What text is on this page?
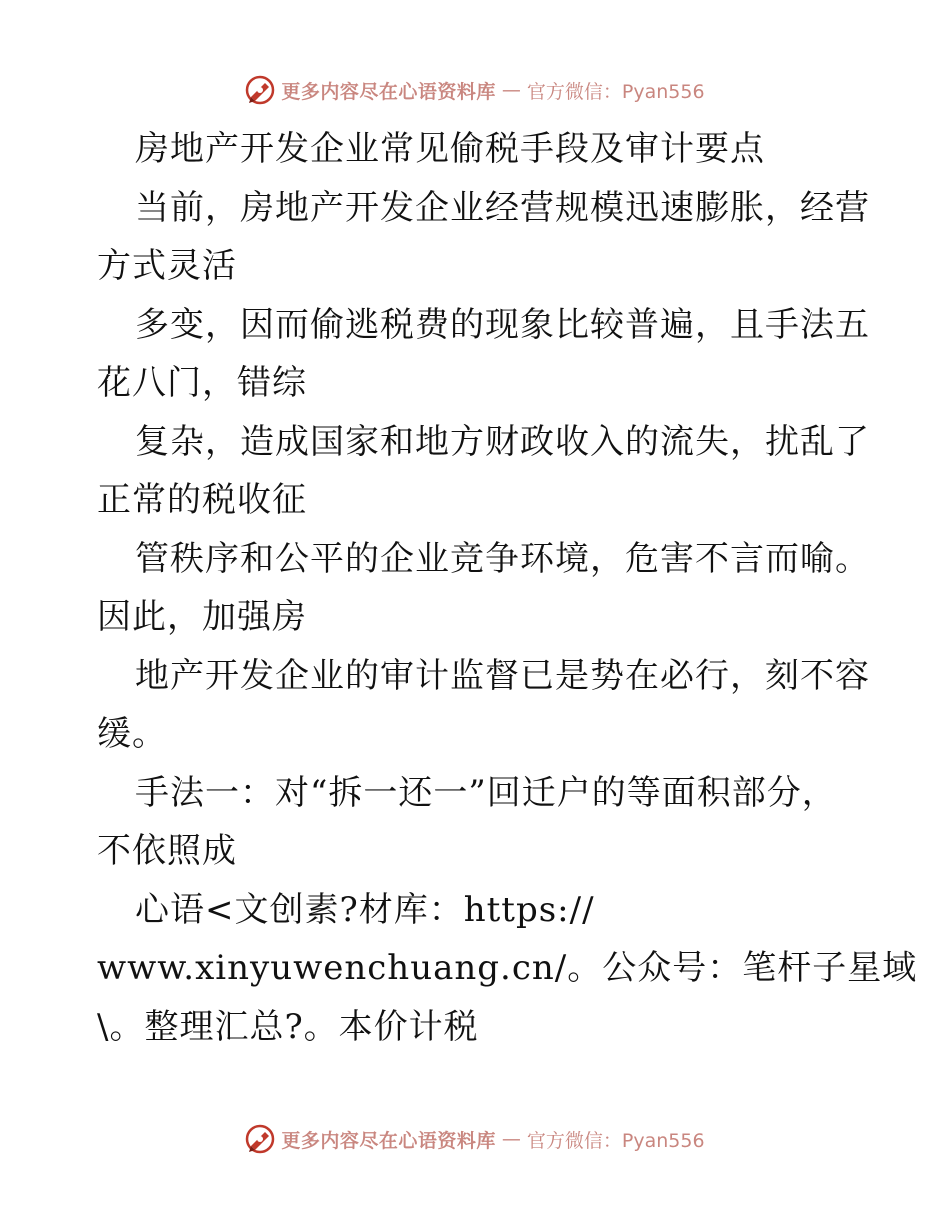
更多内容尽在心语资料库 — 官方微信：Pyan556
房地产开发企业常见偷税手段及审计要点
当前，房地产开发企业经营规模迅速膨胀，经营
方式灵活
多变，因而偷逃税费的现象比较普遍，且手法五
花八门，错综
复杂，造成国家和地方财政收入的流失，扰乱了
正常的税收征
管秩序和公平的企业竞争环境，危害不言而喻。
因此，加强房
地产开发企业的审计监督已是势在必行，刻不容
缓。
手法一：对“拆一还一”回迁户的等面积部分，
不依照成
心语<文创素?材库：https://
www.xinyuwenchuang.cn/。公众号：笔杆子星域
\。整理汇总?。本价计税
更多内容尽在心语资料库 — 官方微信：Pyan556
